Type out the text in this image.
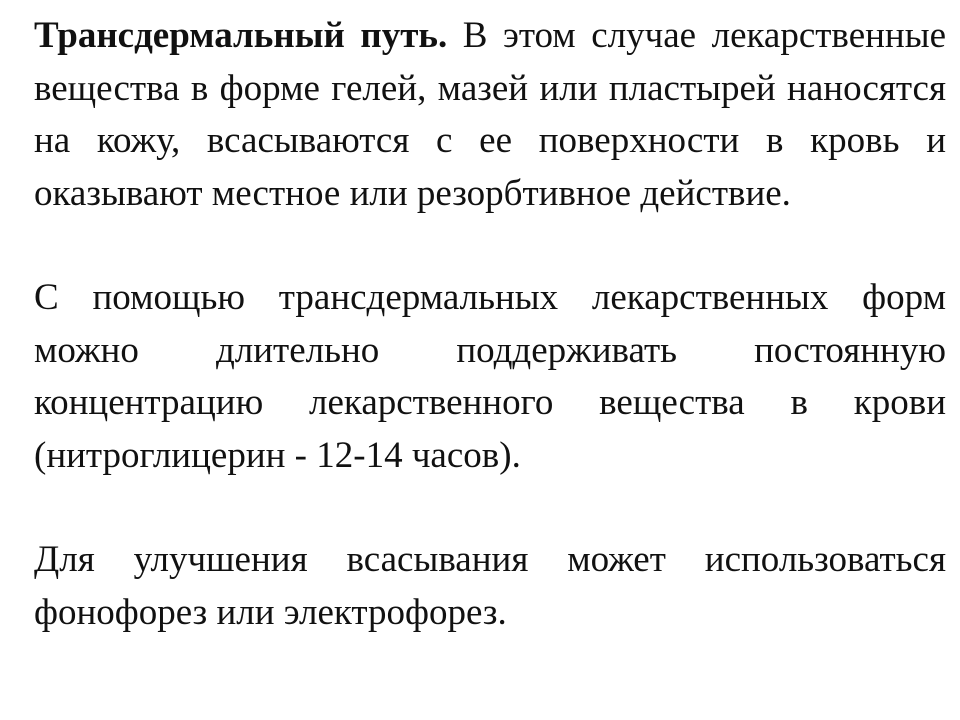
Трансдермальный путь. В этом случае лекарственные вещества в форме гелей, мазей или пластырей наносятся на кожу, всасываются с ее поверхности в кровь и оказывают местное или резорбтивное действие.

С помощью трансдермальных лекарственных форм можно длительно поддерживать постоянную концентрацию лекарственного вещества в крови (нитроглицерин - 12-14 часов).

Для улучшения всасывания может использоваться фонофорез или электрофорез.
